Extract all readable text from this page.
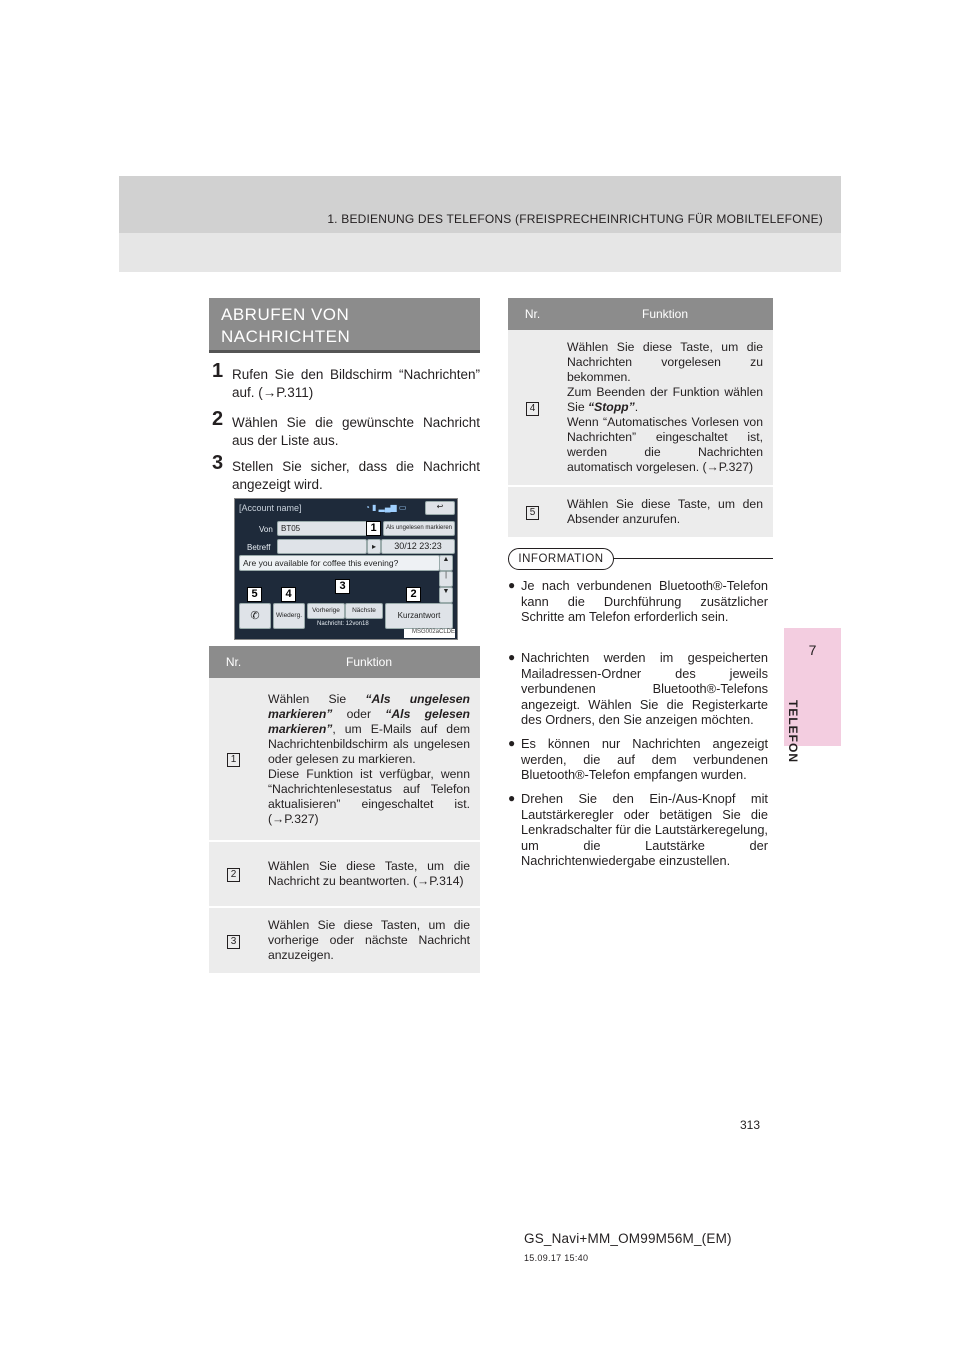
1. BEDIENUNG DES TELEFONS (FREISPRECHEINRICHTUNG FÜR MOBILTELEFONE)
7
TELEFON
ABRUFEN VON
NACHRICHTEN
1 Rufen Sie den Bildschirm “Nachrichten” auf. (→P.311)
2 Wählen Sie die gewünschte Nachricht aus der Liste aus.
3 Stellen Sie sicher, dass die Nachricht angezeigt wird.
[Account name]	◔ ▮ ▂▄▆ ▭	↩
Von	BT05	Als ungelesen markieren
Betreff	▸	30/12 23:23
Are you available for coffee this evening?	▲
|
▼
✆	Wiederg.
Vorherige	Nächste
Nachricht: 12von18
Kurzantwort
1
2
3
4
5
MSG002aCLDE
Nr.	Funktion
1	Wählen Sie “Als ungelesen markieren” oder “Als gelesen markieren”, um E-Mails auf dem Nachrichtenbildschirm als ungelesen oder gelesen zu markieren.
Diese Funktion ist verfügbar, wenn “Nachrichtenlesestatus auf Telefon aktualisieren” eingeschaltet ist. (→P.327)

2	Wählen Sie diese Taste, um die Nachricht zu beantworten. (→P.314)
3	Wählen Sie diese Tasten, um die vorherige oder nächste Nachricht anzuzeigen.
Nr.	Funktion
4	Wählen Sie diese Taste, um die Nachrichten vorgelesen zu bekommen.
Zum Beenden der Funktion wählen Sie “Stopp”.
Wenn “Automatisches Vorlesen von Nachrichten” eingeschaltet ist, werden die Nachrichten automatisch vorgelesen. (→P.327)

5	Wählen Sie diese Taste, um den Absender anzurufen.
INFORMATION
● Je nach verbundenen Bluetooth®-Telefon kann die Durchführung zusätzlicher Schritte am Telefon erforderlich sein.
● Nachrichten werden im gespeicherten Mailadressen-Ordner des jeweils verbundenen Bluetooth®-Telefons angezeigt. Wählen Sie die Registerkarte des Ordners, den Sie anzeigen möchten.
● Es können nur Nachrichten angezeigt werden, die auf dem verbundenen Bluetooth®-Telefon empfangen wurden.
● Drehen Sie den Ein-/Aus-Knopf mit Lautstärkeregler oder betätigen Sie die Lenkradschalter für die Lautstärkeregelung, um die Lautstärke der Nachrichtenwiedergabe einzustellen.
313
GS_Navi+MM_OM99M56M_(EM)
15.09.17 15:40
